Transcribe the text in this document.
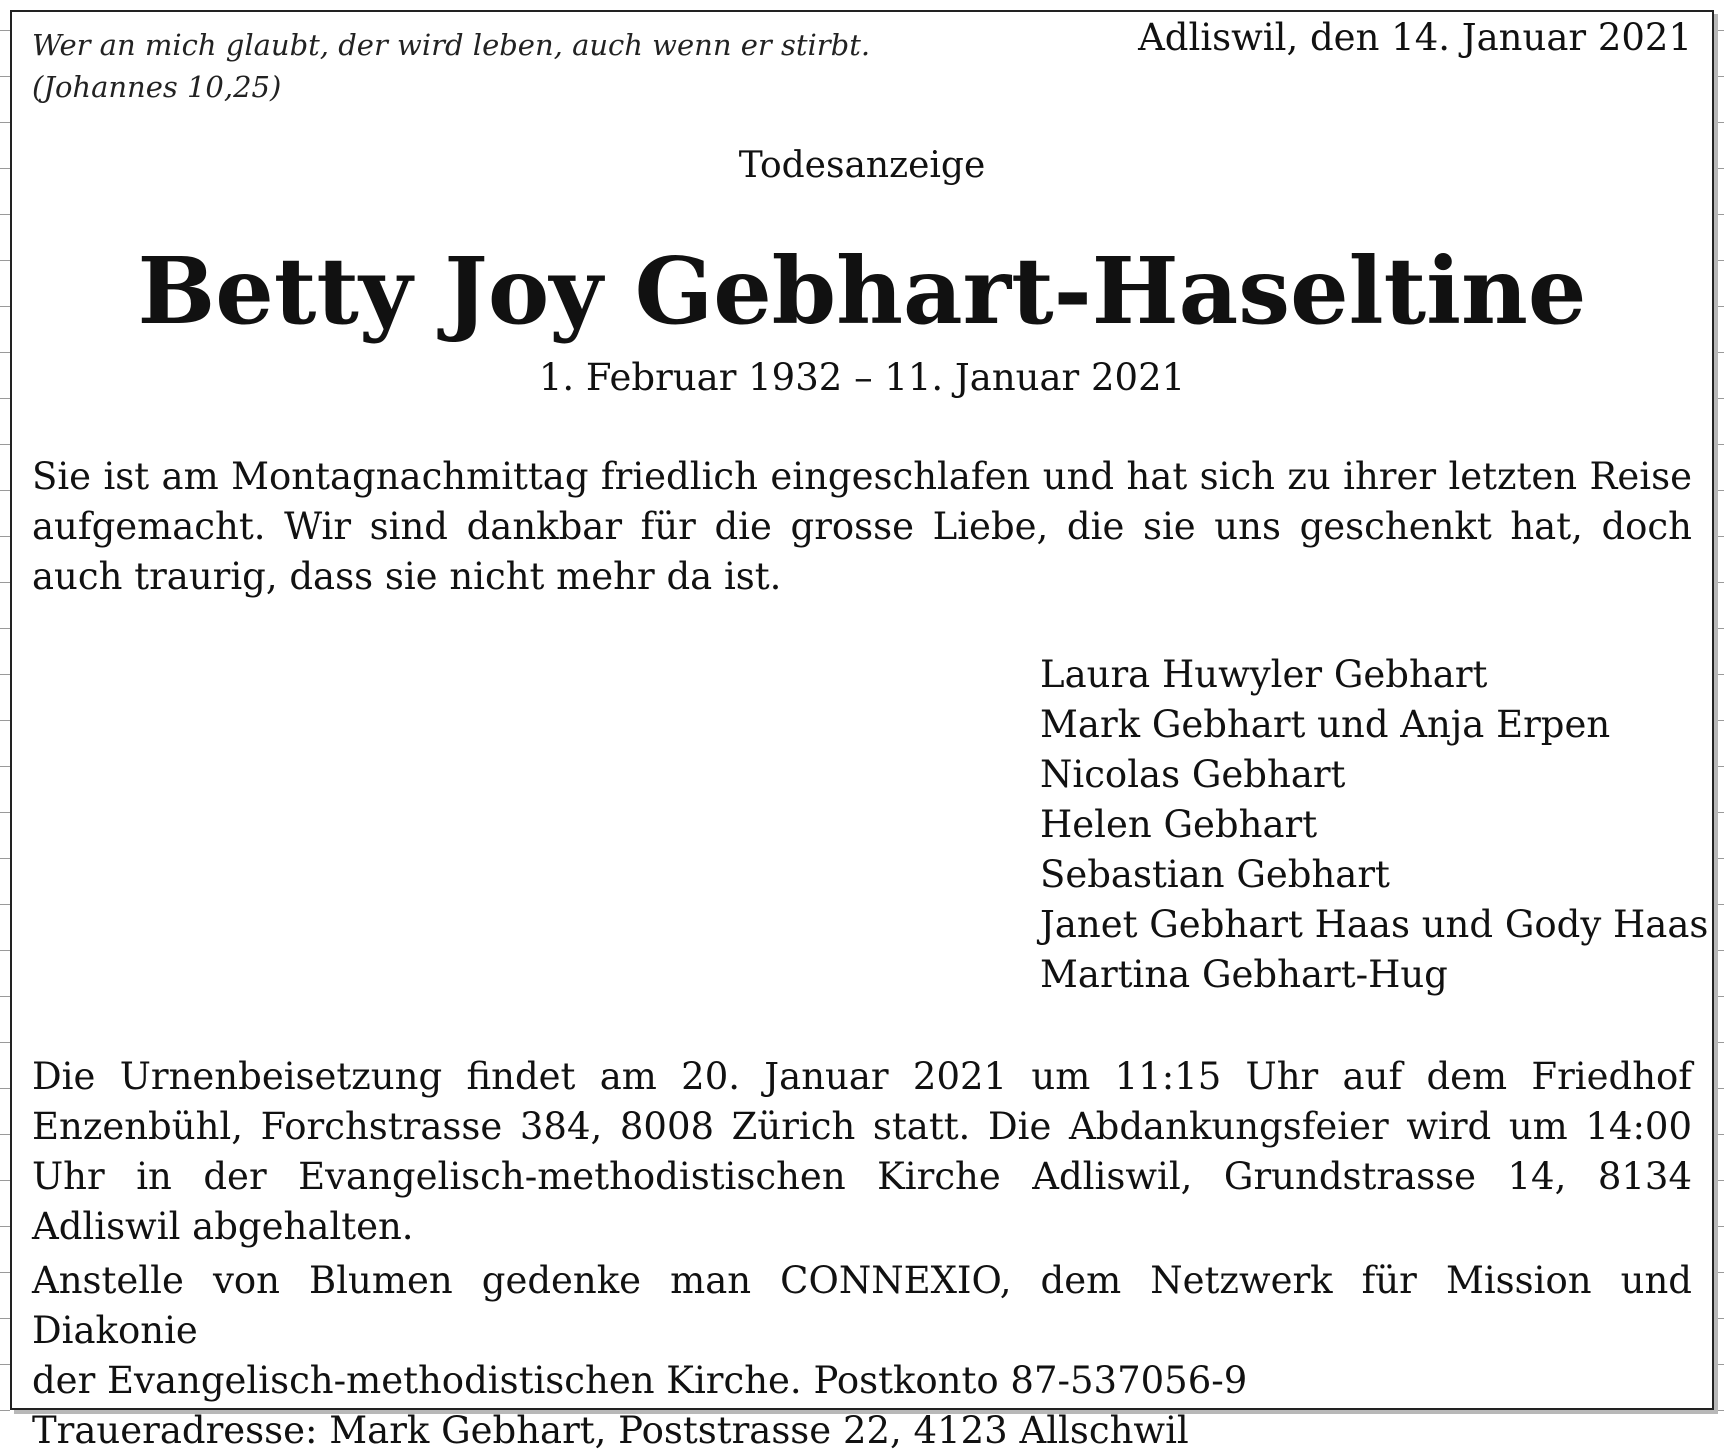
Wer an mich glaubt, der wird leben, auch wenn er stirbt.
(Johannes 10,25)

Adliswil, den 14. Januar 2021

Todesanzeige

Betty Joy Gebhart-Haseltine

1. Februar 1932 – 11. Januar 2021

Sie ist am Montagnachmittag friedlich eingeschlafen und hat sich zu ihrer letzten Reise aufgemacht. Wir sind dankbar für die grosse Liebe, die sie uns geschenkt hat, doch auch traurig, dass sie nicht mehr da ist.

Laura Huwyler Gebhart
Mark Gebhart und Anja Erpen
Nicolas Gebhart
Helen Gebhart
Sebastian Gebhart
Janet Gebhart Haas und Gody Haas
Martina Gebhart-Hug

Die Urnenbeisetzung findet am 20. Januar 2021 um 11:15 Uhr auf dem Friedhof Enzenbühl, Forchstrasse 384, 8008 Zürich statt. Die Abdankungsfeier wird um 14:00 Uhr in der Evangelisch-methodistischen Kirche Adliswil, Grundstrasse 14, 8134 Adliswil abgehalten.

Anstelle von Blumen gedenke man CONNEXIO, dem Netzwerk für Mission und Diakonie
der Evangelisch-methodistischen Kirche. Postkonto 87-537056-9
Traueradresse: Mark Gebhart, Poststrasse 22, 4123 Allschwil
